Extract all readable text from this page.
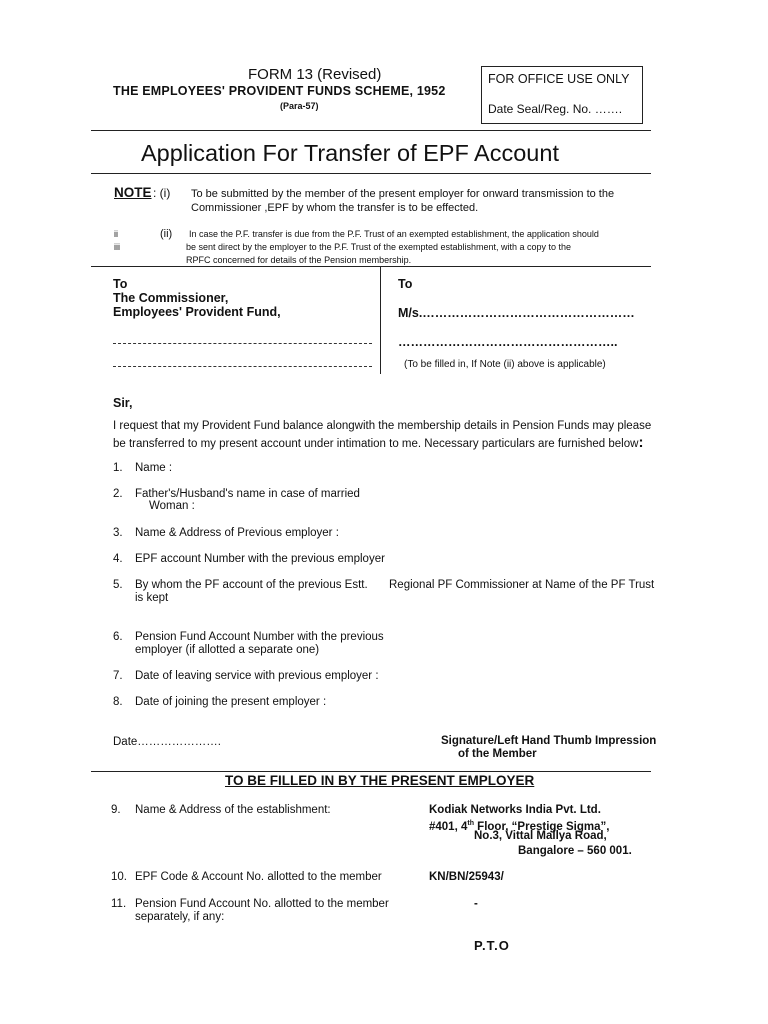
FORM 13 (Revised)
THE EMPLOYEES' PROVIDENT FUNDS SCHEME, 1952
(Para-57)
FOR OFFICE USE ONLY
Date Seal/Reg. No. …….
Application For Transfer of EPF Account
NOTE : (i) To be submitted by the member of the present employer for onward transmission to the Commissioner ,EPF by whom the transfer is to be effected.
ii
iii
(ii) In case the P.F. transfer is due from the P.F. Trust of an exempted establishment, the application should
be sent direct by the employer to the P.F. Trust of the exempted establishment, with a copy to the
RPFC concerned for details of the Pension membership.
To
The Commissioner,
Employees' Provident Fund,
To
M/s.……………………………………………
……………………………………………..
(To be filled in, If Note (ii) above is applicable)
Sir,
I request that my Provident Fund balance alongwith the membership details in Pension Funds may please
be transferred to my present account under intimation to me. Necessary particulars are furnished below:
1. Name :
2. Father's/Husband's name in case of married
Woman :
3. Name & Address of Previous employer :
4. EPF account Number with the previous employer
5. By whom the PF account of the previous Estt.
is kept
Regional PF Commissioner at Name of the PF Trust
6. Pension Fund Account Number with the previous
employer (if allotted a separate one)
7. Date of leaving service with previous employer :
8. Date of joining the present employer :
Date………………….	Signature/Left Hand Thumb Impression
of the Member
TO BE FILLED IN BY THE PRESENT EMPLOYER
9. Name & Address of the establishment:	Kodiak Networks India Pvt. Ltd.
#401, 4th Floor, “Prestige Sigma”,
No.3, Vittal Mallya Road,
Bangalore – 560 001.
10. EPF Code & Account No. allotted to the member	KN/BN/25943/
11. Pension Fund Account No. allotted to the member
separately, if any:
-
P.T.O
